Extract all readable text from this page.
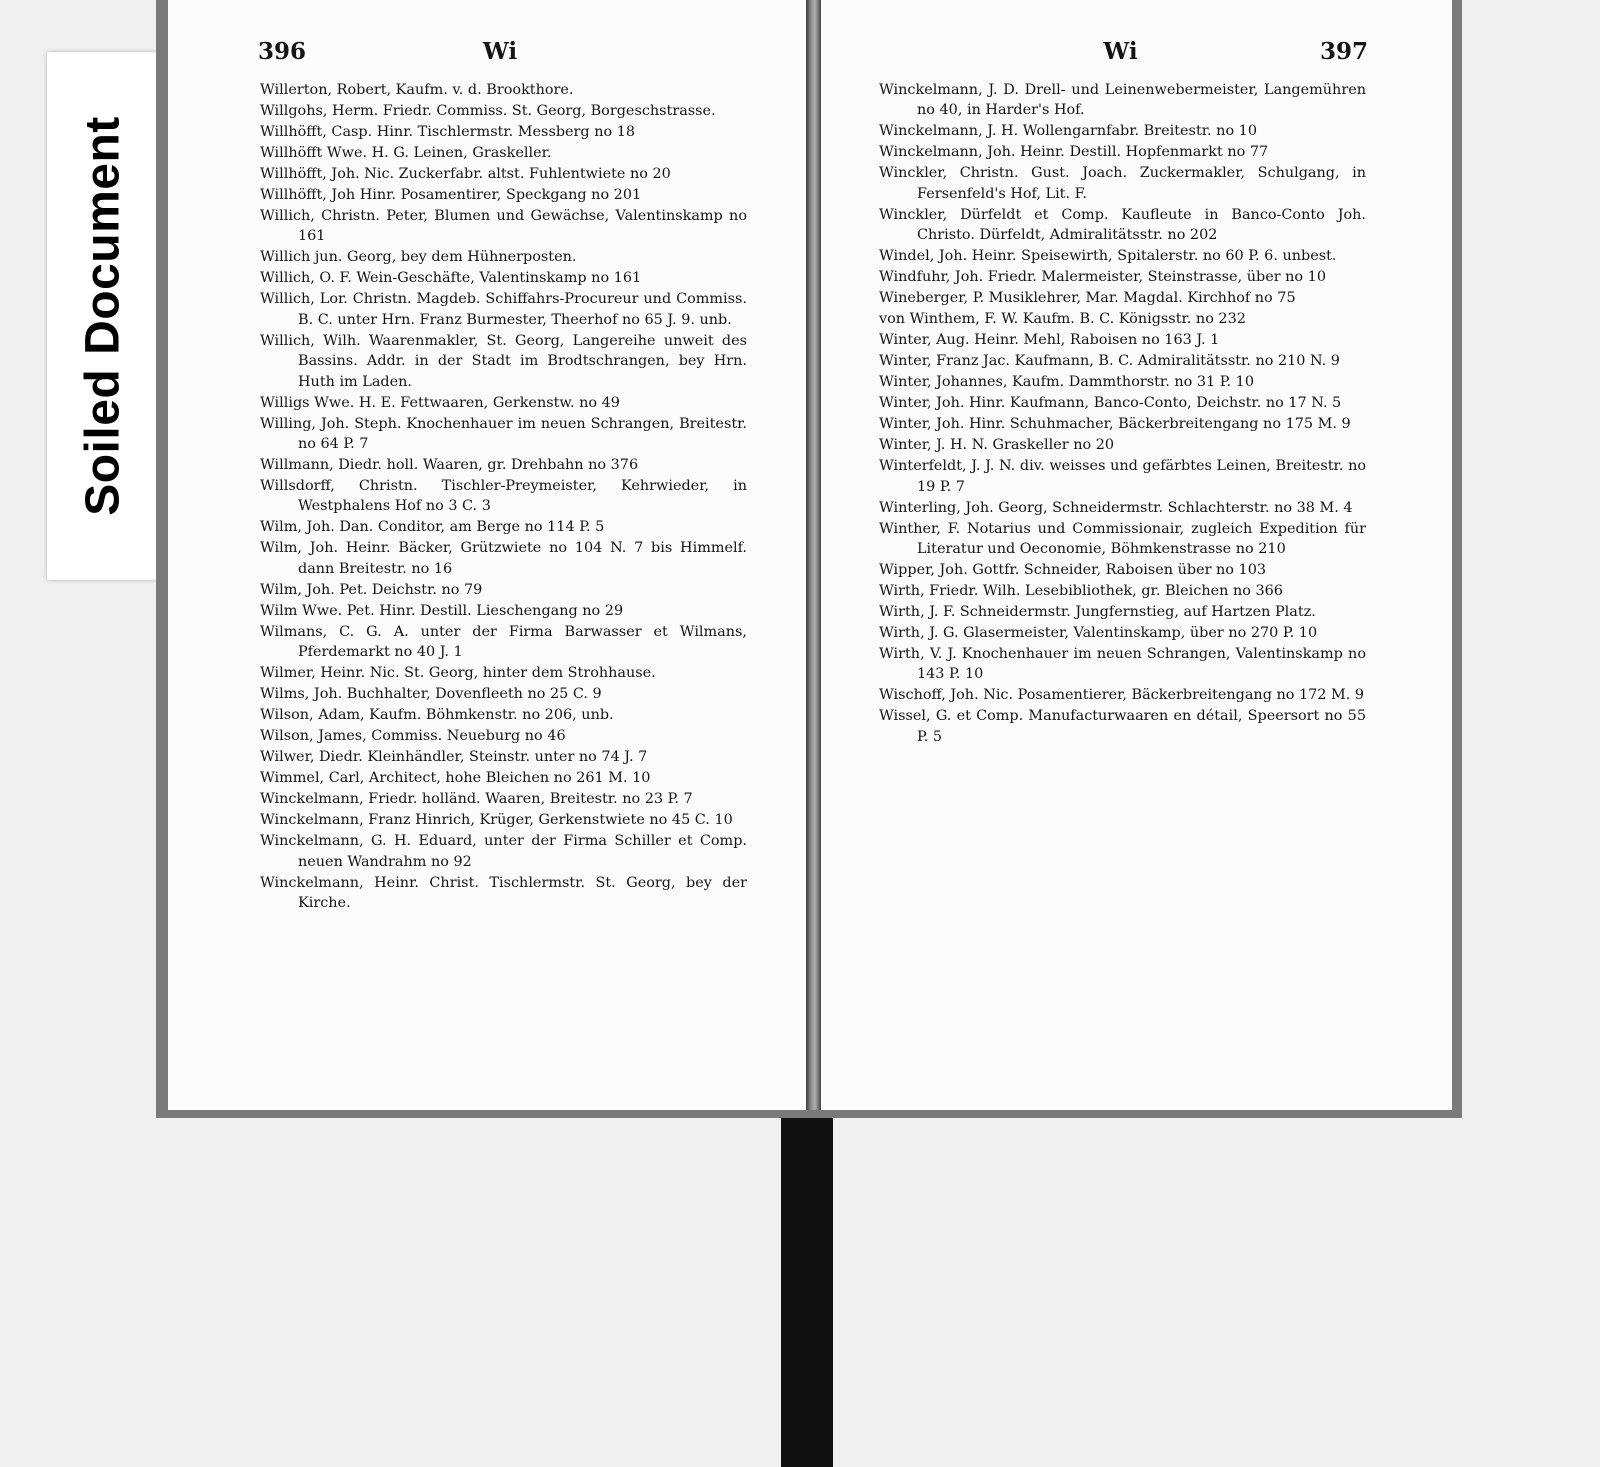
Soiled Document
396	Wi
Willerton, Robert, Kaufm. v. d. Brookthore.
Willgohs, Herm. Friedr. Commiss. St. Georg, Borgeschstrasse.
Willhöfft, Casp. Hinr. Tischlermstr. Messberg no 18
Willhöfft Wwe. H. G. Leinen, Graskeller.
Willhöfft, Joh. Nic. Zuckerfabr. altst. Fuhlentwiete no 20
Willhöfft, Joh Hinr. Posamentirer, Speckgang no 201
Willich, Christn. Peter, Blumen und Gewächse, Valentinskamp no 161
Willich jun. Georg, bey dem Hühnerposten.
Willich, O. F. Wein-Geschäfte, Valentinskamp no 161
Willich, Lor. Christn. Magdeb. Schiffahrs-Procureur und Commiss. B. C. unter Hrn. Franz Burmester, Theerhof no 65 J. 9. unb.
Willich, Wilh. Waarenmakler, St. Georg, Langereihe unweit des Bassins. Addr. in der Stadt im Brodtschrangen, bey Hrn. Huth im Laden.
Willigs Wwe. H. E. Fettwaaren, Gerkenstw. no 49
Willing, Joh. Steph. Knochenhauer im neuen Schrangen, Breitestr. no 64 P. 7
Willmann, Diedr. holl. Waaren, gr. Drehbahn no 376
Willsdorff, Christn. Tischler-Preymeister, Kehrwieder, in Westphalens Hof no 3 C. 3
Wilm, Joh. Dan. Conditor, am Berge no 114 P. 5
Wilm, Joh. Heinr. Bäcker, Grützwiete no 104 N. 7 bis Himmelf. dann Breitestr. no 16
Wilm, Joh. Pet. Deichstr. no 79
Wilm Wwe. Pet. Hinr. Destill. Lieschengang no 29
Wilmans, C. G. A. unter der Firma Barwasser et Wilmans, Pferdemarkt no 40 J. 1
Wilmer, Heinr. Nic. St. Georg, hinter dem Strohhause.
Wilms, Joh. Buchhalter, Dovenfleeth no 25 C. 9
Wilson, Adam, Kaufm. Böhmkenstr. no 206, unb.
Wilson, James, Commiss. Neueburg no 46
Wilwer, Diedr. Kleinhändler, Steinstr. unter no 74 J. 7
Wimmel, Carl, Architect, hohe Bleichen no 261 M. 10
Winckelmann, Friedr. holländ. Waaren, Breitestr. no 23 P. 7
Winckelmann, Franz Hinrich, Krüger, Gerkenstwiete no 45 C. 10
Winckelmann, G. H. Eduard, unter der Firma Schiller et Comp. neuen Wandrahm no 92
Winckelmann, Heinr. Christ. Tischlermstr. St. Georg, bey der Kirche.
Wi	397
Winckelmann, J. D. Drell- und Leinenwebermeister, Langemühren no 40, in Harder's Hof.
Winckelmann, J. H. Wollengarnfabr. Breitestr. no 10
Winckelmann, Joh. Heinr. Destill. Hopfenmarkt no 77
Winckler, Christn. Gust. Joach. Zuckermakler, Schulgang, in Fersenfeld's Hof, Lit. F.
Winckler, Dürfeldt et Comp. Kaufleute in Banco-Conto Joh. Christo. Dürfeldt, Admiralitätsstr. no 202
Windel, Joh. Heinr. Speisewirth, Spitalerstr. no 60 P. 6. unbest.
Windfuhr, Joh. Friedr. Malermeister, Steinstrasse, über no 10
Wineberger, P. Musiklehrer, Mar. Magdal. Kirchhof no 75
von Winthem, F. W. Kaufm. B. C. Königsstr. no 232
Winter, Aug. Heinr. Mehl, Raboisen no 163 J. 1
Winter, Franz Jac. Kaufmann, B. C. Admiralitätsstr. no 210 N. 9
Winter, Johannes, Kaufm. Dammthorstr. no 31 P. 10
Winter, Joh. Hinr. Kaufmann, Banco-Conto, Deichstr. no 17 N. 5
Winter, Joh. Hinr. Schuhmacher, Bäckerbreitengang no 175 M. 9
Winter, J. H. N. Graskeller no 20
Winterfeldt, J. J. N. div. weisses und gefärbtes Leinen, Breitestr. no 19 P. 7
Winterling, Joh. Georg, Schneidermstr. Schlachterstr. no 38 M. 4
Winther, F. Notarius und Commissionair, zugleich Expedition für Literatur und Oeconomie, Böhmkenstrasse no 210
Wipper, Joh. Gottfr. Schneider, Raboisen über no 103
Wirth, Friedr. Wilh. Lesebibliothek, gr. Bleichen no 366
Wirth, J. F. Schneidermstr. Jungfernstieg, auf Hartzen Platz.
Wirth, J. G. Glasermeister, Valentinskamp, über no 270 P. 10
Wirth, V. J. Knochenhauer im neuen Schrangen, Valentinskamp no 143 P. 10
Wischoff, Joh. Nic. Posamentierer, Bäckerbreitengang no 172 M. 9
Wissel, G. et Comp. Manufacturwaaren en détail, Speersort no 55 P. 5
